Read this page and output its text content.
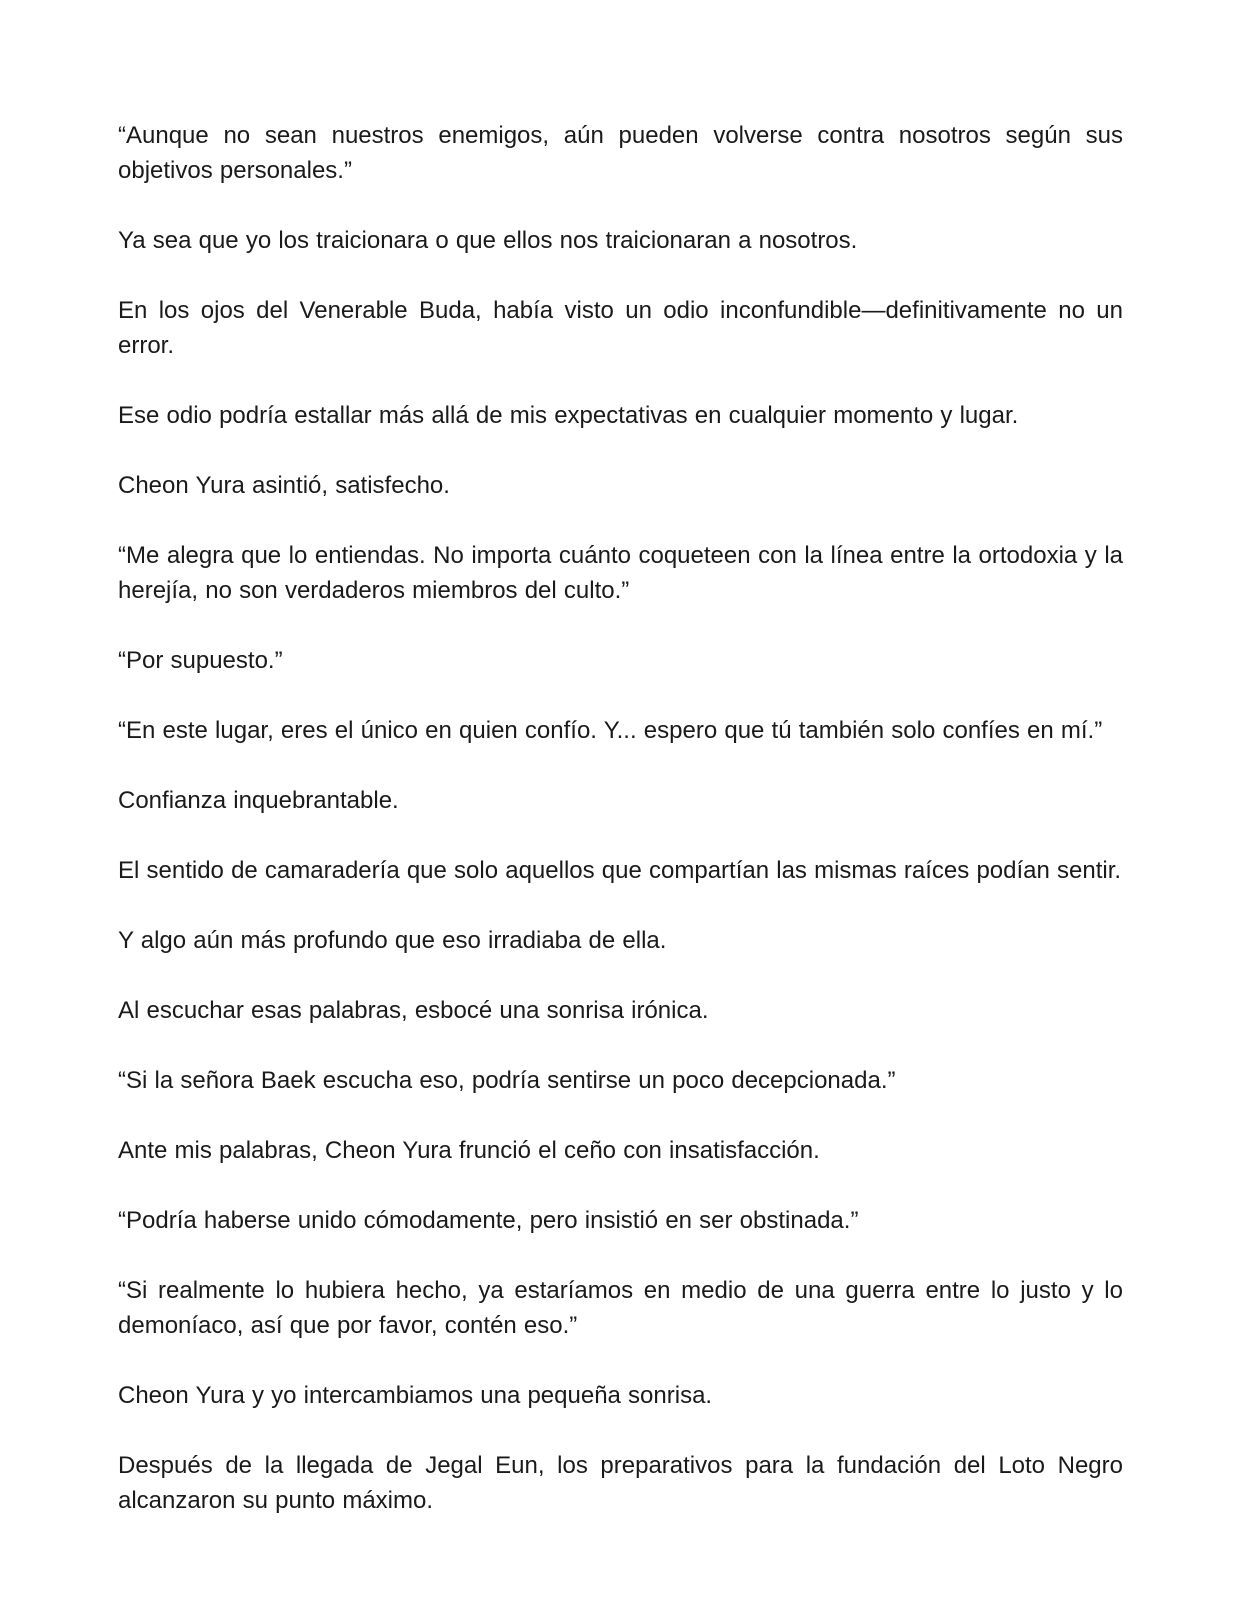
“Aunque no sean nuestros enemigos, aún pueden volverse contra nosotros según sus objetivos personales.”

Ya sea que yo los traicionara o que ellos nos traicionaran a nosotros.

En los ojos del Venerable Buda, había visto un odio inconfundible—definitivamente no un error.

Ese odio podría estallar más allá de mis expectativas en cualquier momento y lugar.

Cheon Yura asintió, satisfecho.

“Me alegra que lo entiendas. No importa cuánto coqueteen con la línea entre la ortodoxia y la herejía, no son verdaderos miembros del culto.”

“Por supuesto.”

“En este lugar, eres el único en quien confío. Y... espero que tú también solo confíes en mí.”

Confianza inquebrantable.

El sentido de camaradería que solo aquellos que compartían las mismas raíces podían sentir.

Y algo aún más profundo que eso irradiaba de ella.

Al escuchar esas palabras, esbocé una sonrisa irónica.

“Si la señora Baek escucha eso, podría sentirse un poco decepcionada.”

Ante mis palabras, Cheon Yura frunció el ceño con insatisfacción.

“Podría haberse unido cómodamente, pero insistió en ser obstinada.”

“Si realmente lo hubiera hecho, ya estaríamos en medio de una guerra entre lo justo y lo demoníaco, así que por favor, contén eso.”

Cheon Yura y yo intercambiamos una pequeña sonrisa.

Después de la llegada de Jegal Eun, los preparativos para la fundación del Loto Negro alcanzaron su punto máximo.
